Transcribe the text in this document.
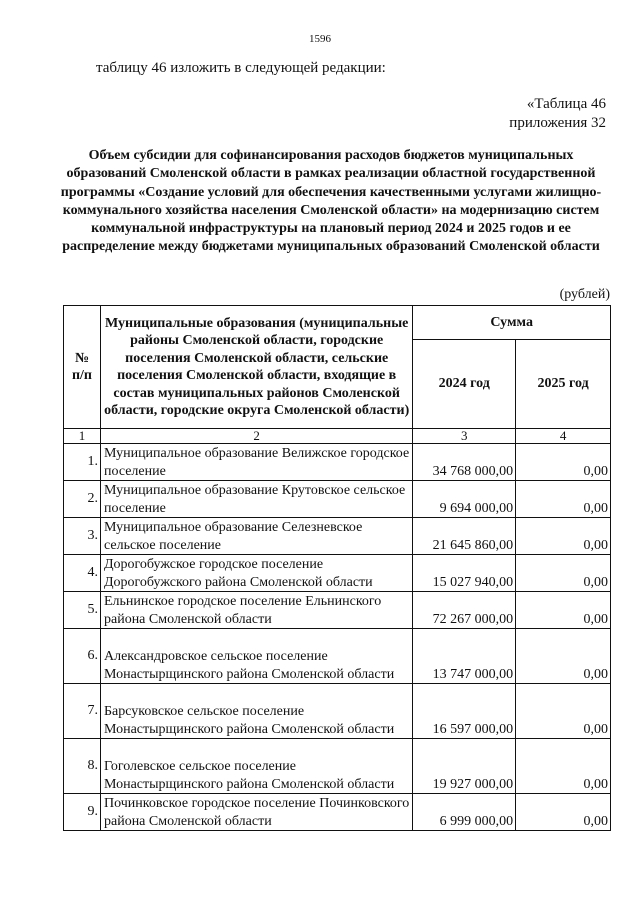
1596
таблицу 46 изложить в следующей редакции:
«Таблица 46
приложения 32
Объем субсидии для софинансирования расходов бюджетов муниципальных образований Смоленской области в рамках реализации областной государственной программы «Создание условий для обеспечения качественными услугами жилищно-коммунального хозяйства населения Смоленской области» на модернизацию систем коммунальной инфраструктуры на плановый период 2024 и 2025 годов и ее распределение между бюджетами муниципальных образований Смоленской области
(рублей)
№ п/п	Муниципальные образования (муниципальные районы Смоленской области, городские поселения Смоленской области, сельские поселения Смоленской области, входящие в состав муниципальных районов Смоленской области, городские округа Смоленской области)	Сумма	
		2024 год	2025 год
1	2	3	4
1.	Муниципальное образование Велижское городское поселение	34 768 000,00	0,00
2.	Муниципальное образование Крутовское сельское поселение	9 694 000,00	0,00
3.	Муниципальное образование Селезневское сельское поселение	21 645 860,00	0,00
4.	Дорогобужское городское поселение Дорогобужского района Смоленской области	15 027 940,00	0,00
5.	Ельнинское городское поселение Ельнинского района Смоленской области	72 267 000,00	0,00
6.	Александровское сельское поселение Монастырщинского района Смоленской области	13 747 000,00	0,00
7.	Барсуковское сельское поселение Монастырщинского района Смоленской области	16 597 000,00	0,00
8.	Гоголевское сельское поселение Монастырщинского района Смоленской области	19 927 000,00	0,00
9.	Починковское городское поселение Починковского района Смоленской области	6 999 000,00	0,00
